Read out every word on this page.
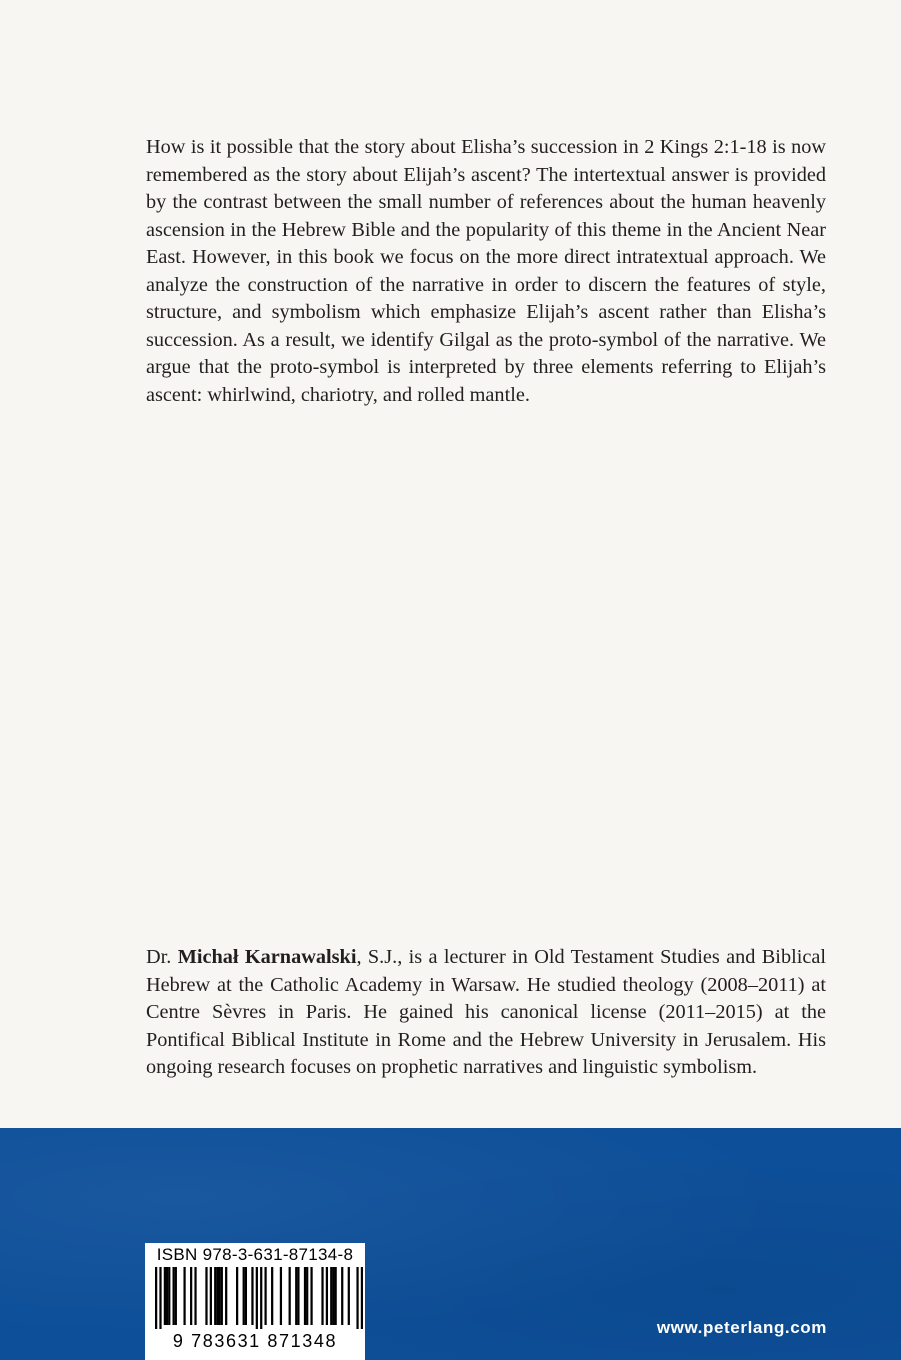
How is it possible that the story about Elisha’s succession in 2 Kings 2:1-18 is now remembered as the story about Elijah’s ascent? The intertextual answer is provided by the contrast between the small number of references about the human heavenly ascension in the Hebrew Bible and the popularity of this theme in the Ancient Near East. However, in this book we focus on the more direct intratextual approach. We analyze the construction of the narrative in order to discern the features of style, structure, and symbolism which emphasize Elijah’s ascent rather than Elisha’s succession. As a result, we identify Gilgal as the proto-symbol of the narrative. We argue that the proto-symbol is interpreted by three elements referring to Elijah’s ascent: whirlwind, chariotry, and rolled mantle.

Dr. Michał Karnawalski, S.J., is a lecturer in Old Testament Studies and Biblical Hebrew at the Catholic Academy in Warsaw. He studied theology (2008–2011) at Centre Sèvres in Paris. He gained his canonical license (2011–2015) at the Pontifical Biblical Institute in Rome and the Hebrew University in Jerusalem. His ongoing research focuses on prophetic narratives and linguistic symbolism.

ISBN 978-3-631-87134-8
9 783631 871348
www.peterlang.com
